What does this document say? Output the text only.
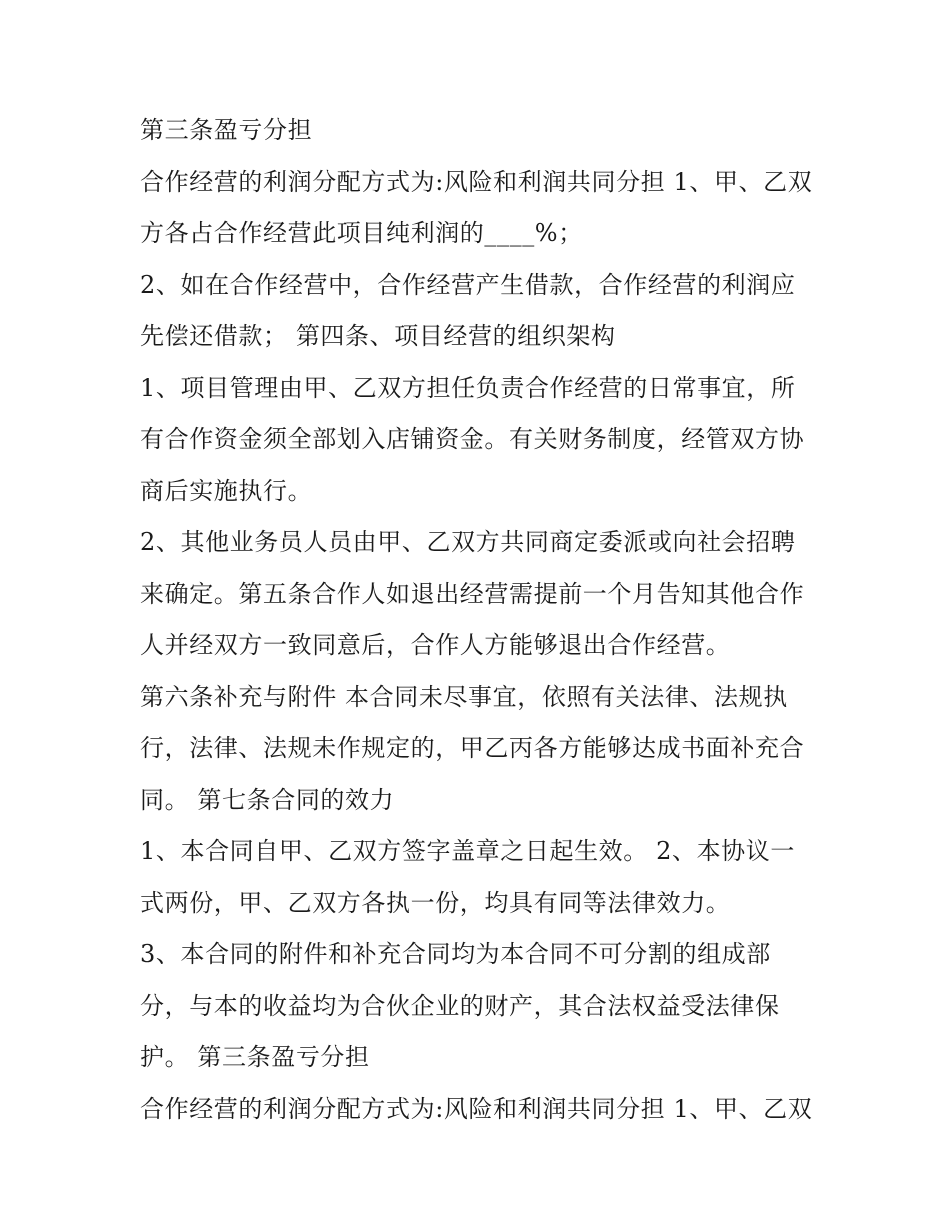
第三条盈亏分担

合作经营的利润分配方式为:风险和利润共同分担 1、甲、乙双

方各占合作经营此项目纯利润的____%；

2、如在合作经营中，合作经营产生借款，合作经营的利润应

先偿还借款； 第四条、项目经营的组织架构

1、项目管理由甲、乙双方担任负责合作经营的日常事宜，所

有合作资金须全部划入店铺资金。有关财务制度，经管双方协

商后实施执行。

2、其他业务员人员由甲、乙双方共同商定委派或向社会招聘

来确定。第五条合作人如退出经营需提前一个月告知其他合作

人并经双方一致同意后，合作人方能够退出合作经营。

第六条补充与附件 本合同未尽事宜，依照有关法律、法规执

行，法律、法规未作规定的，甲乙丙各方能够达成书面补充合

同。 第七条合同的效力

1、本合同自甲、乙双方签字盖章之日起生效。 2、本协议一

式两份，甲、乙双方各执一份，均具有同等法律效力。

3、本合同的附件和补充合同均为本合同不可分割的组成部

分，与本的收益均为合伙企业的财产，其合法权益受法律保

护。 第三条盈亏分担

合作经营的利润分配方式为:风险和利润共同分担 1、甲、乙双
